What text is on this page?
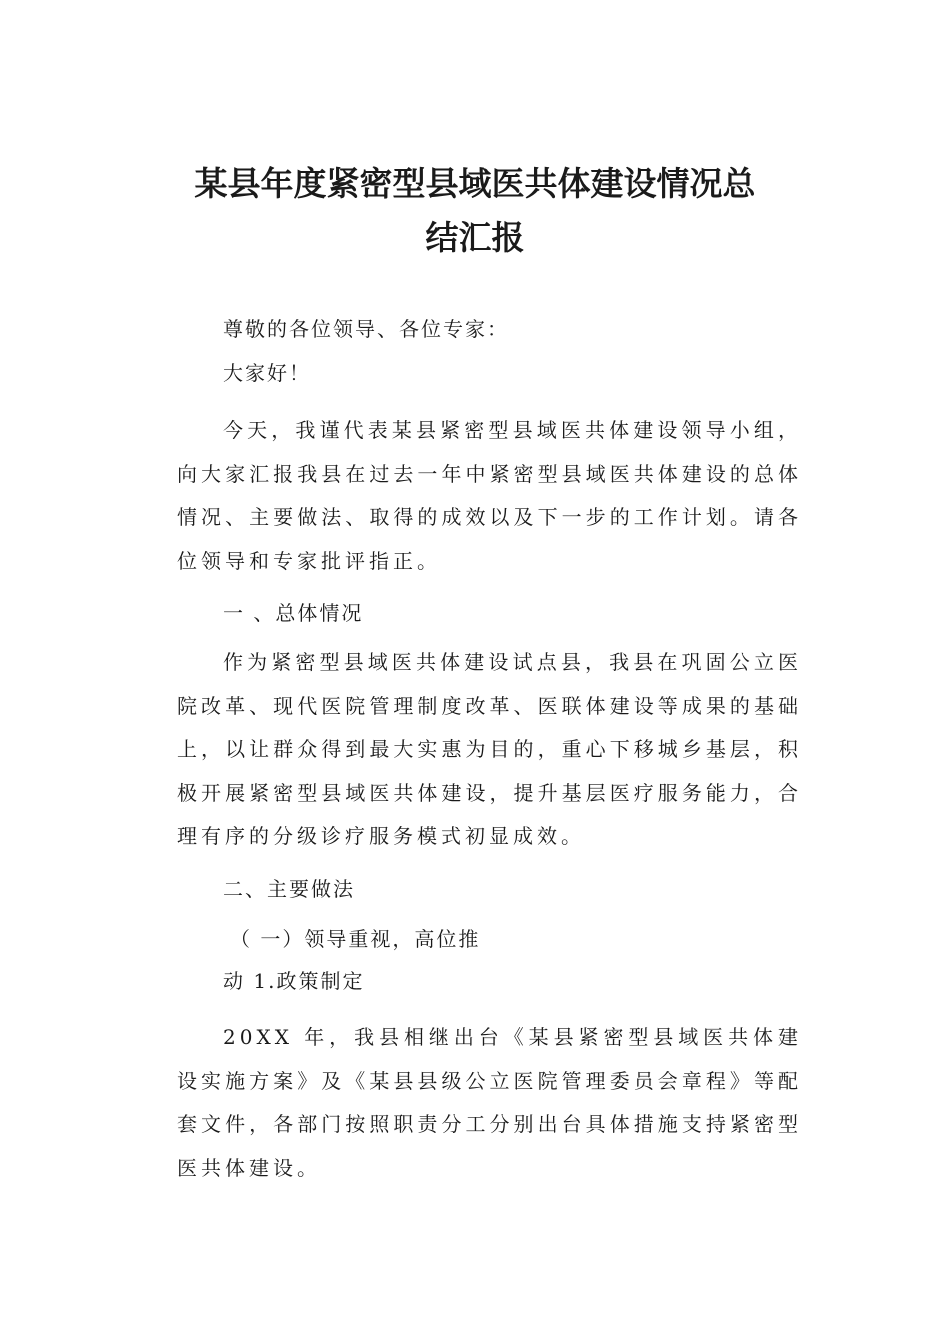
某县年度紧密型县域医共体建设情况总
结汇报

尊敬的各位领导、各位专家：

大家好！

今天，我谨代表某县紧密型县域医共体建设领导小组，向大家汇报我县在过去一年中紧密型县域医共体建设的总体情况、主要做法、取得的成效以及下一步的工作计划。请各位领导和专家批评指正。

一 、总体情况

作为紧密型县域医共体建设试点县，我县在巩固公立医院改革、现代医院管理制度改革、医联体建设等成果的基础上，以让群众得到最大实惠为目的，重心下移城乡基层，积极开展紧密型县域医共体建设，提升基层医疗服务能力，合理有序的分级诊疗服务模式初显成效。

二、主要做法

（ 一）领导重视，高位推

动 1.政策制定

20XX 年，我县相继出台《某县紧密型县域医共体建设实施方案》及《某县县级公立医院管理委员会章程》等配套文件，各部门按照职责分工分别出台具体措施支持紧密型医共体建设。
